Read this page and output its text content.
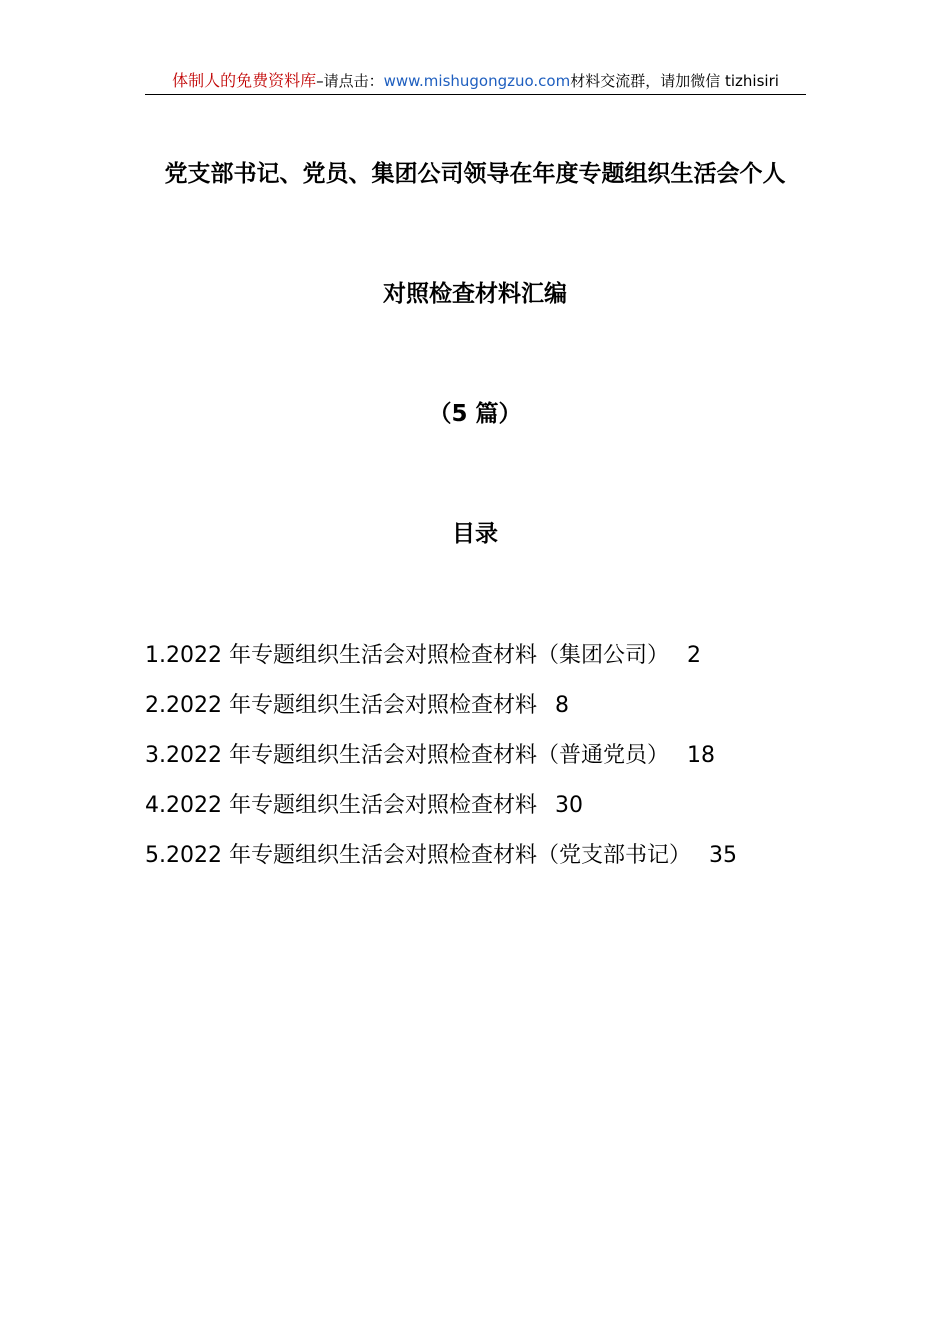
体制人的免费资料库–请点击：www.mishugongzuo.com材料交流群，请加微信 tizhisiri
党支部书记、党员、集团公司领导在年度专题组织生活会个人
对照检查材料汇编
（5 篇）
目录
1.2022 年专题组织生活会对照检查材料（集团公司） 2
2.2022 年专题组织生活会对照检查材料 8
3.2022 年专题组织生活会对照检查材料（普通党员） 18
4.2022 年专题组织生活会对照检查材料 30
5.2022 年专题组织生活会对照检查材料（党支部书记） 35
